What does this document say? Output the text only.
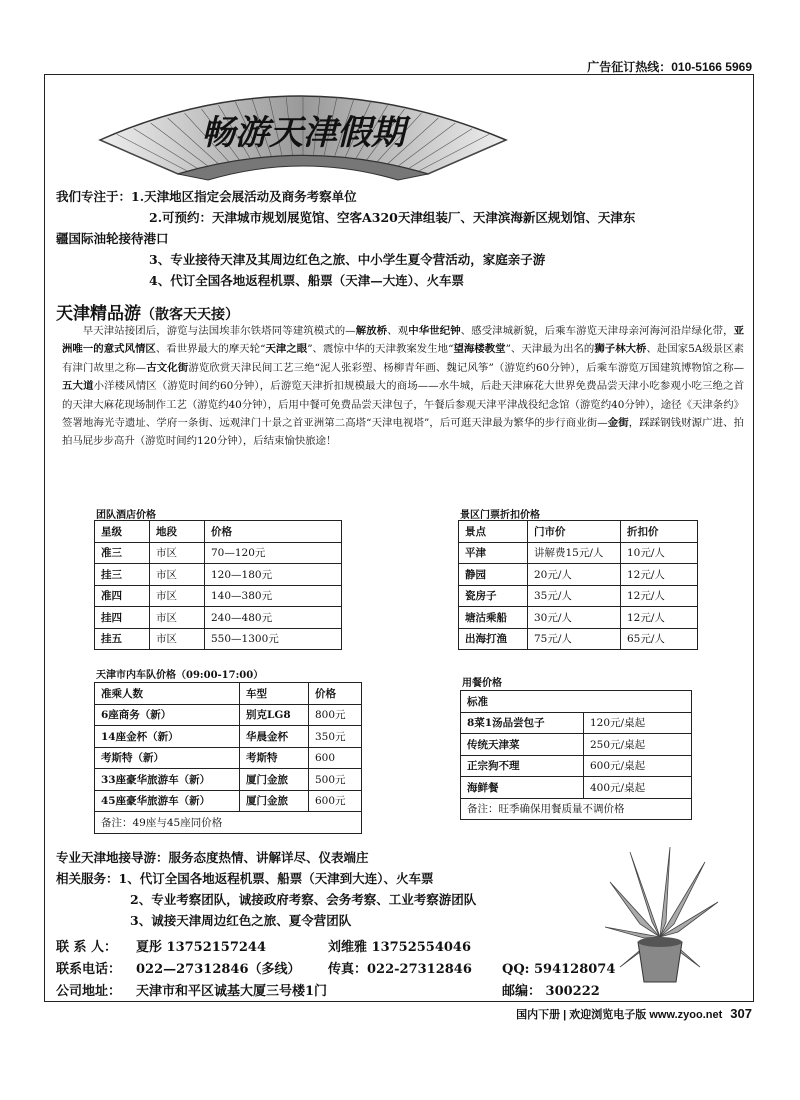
广告征订热线：010-5166 5969
畅游天津假期
我们专注于：1.天津地区指定会展活动及商务考察单位
2.可预约：天津城市规划展览馆、空客A320天津组装厂、天津滨海新区规划馆、天津东
疆国际油轮接待港口
3、专业接待天津及其周边红色之旅、中小学生夏令营活动，家庭亲子游
4、代订全国各地返程机票、船票（天津—大连）、火车票
天津精品游（散客天天接）
早天津站接团后，游览与法国埃菲尔铁塔同等建筑模式的—解放桥、观中华世纪钟、感受津城新貌，后乘车游览天津母亲河海河沿岸绿化带，亚洲唯一的意式风情区、看世界最大的摩天轮“天津之眼”、震惊中华的天津教案发生地“望海楼教堂”、天津最为出名的狮子林大桥、赴国家5A级景区素有津门故里之称—古文化街游览欣赏天津民间工艺三绝“泥人张彩塑、杨柳青年画、魏记风筝”（游览约60分钟），后乘车游览万国建筑博物馆之称—五大道小洋楼风情区（游览时间约60分钟），后游览天津折扣规模最大的商场——水牛城，后赴天津麻花大世界免费品尝天津小吃参观小吃三绝之首的天津大麻花现场制作工艺（游览约40分钟），后用中餐可免费品尝天津包子，午餐后参观天津平津战役纪念馆（游览约40分钟），途径《天津条约》签署地海光寺遗址、学府一条街、远观津门十景之首亚洲第二高塔“天津电视塔”，后可逛天津最为繁华的步行商业街—金街，踩踩钢钱财源广进、拍拍马屁步步高升（游览时间约120分钟），后结束愉快旅途！
团队酒店价格
星级	地段	价格
准三	市区	70—120元
挂三	市区	120—180元
准四	市区	140—380元
挂四	市区	240—480元
挂五	市区	550—1300元
景区门票折扣价格
景点	门市价	折扣价
平津	讲解费15元/人	10元/人
静园	20元/人	12元/人
瓷房子	35元/人	12元/人
塘沽乘船	30元/人	12元/人
出海打渔	75元/人	65元/人
天津市内车队价格（09:00-17:00）
准乘人数	车型	价格
6座商务（新）	别克LG8	800元
14座金杯（新）	华晨金杯	350元
考斯特（新）	考斯特	600
33座豪华旅游车（新）	厦门金旅	500元
45座豪华旅游车（新）	厦门金旅	600元
备注：49座与45座同价格		
用餐价格
标准	
8菜1汤品尝包子	120元/桌起
传统天津菜	250元/桌起
正宗狗不理	600元/桌起
海鲜餐	400元/桌起
备注：旺季确保用餐质量不调价格	
专业天津地接导游：服务态度热情、讲解详尽、仪表端庄
相关服务：1、代订全国各地返程机票、船票（天津到大连）、火车票
2、专业考察团队，诚接政府考察、会务考察、工业考察游团队
3、诚接天津周边红色之旅、夏令营团队
联 系 人： 夏彤 13752157244	刘维雅 13752554046
联系电话： 022—27312846（多线） 传真：022-27312846 QQ: 594128074
公司地址： 天津市和平区诚基大厦三号楼1门	邮编： 300222
国内下册 | 欢迎浏览电子版 www.zyoo.net 307
